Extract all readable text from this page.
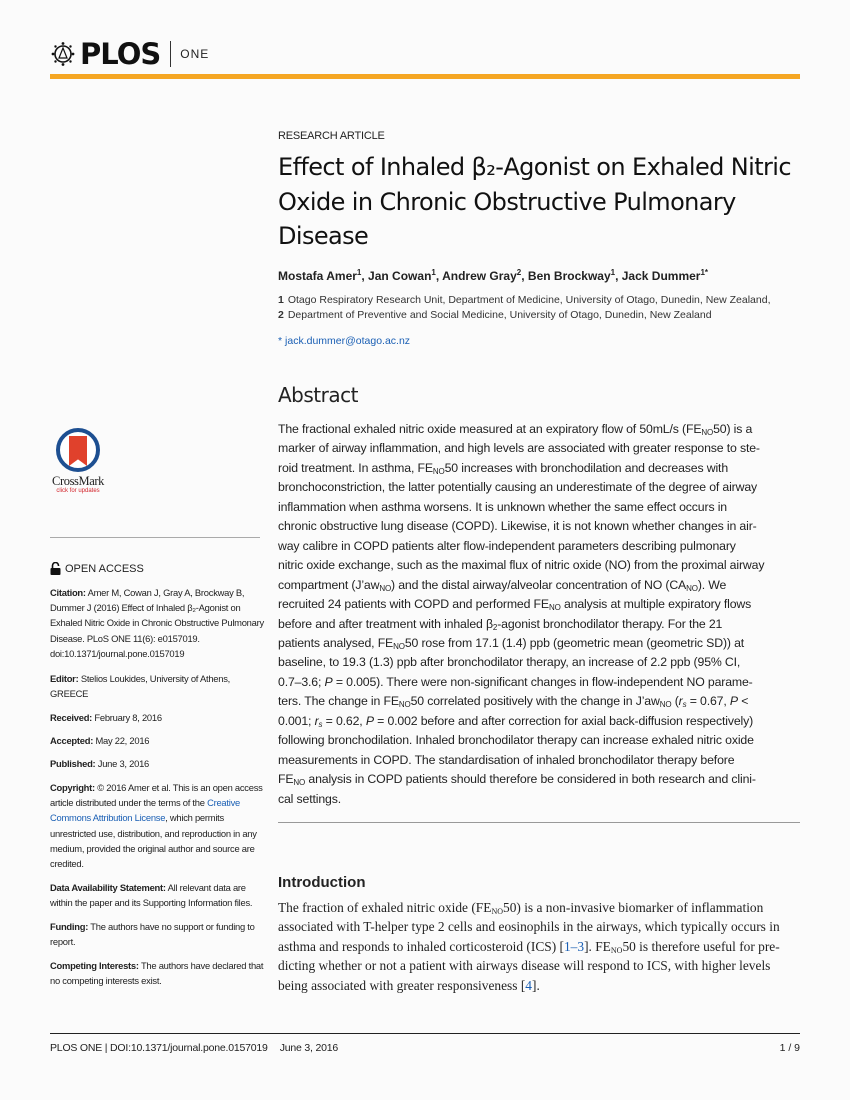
PLOS ONE
RESEARCH ARTICLE
Effect of Inhaled β₂-Agonist on Exhaled Nitric
Oxide in Chronic Obstructive Pulmonary
Disease
Mostafa Amer$^1$, Jan Cowan$^1$, Andrew Gray$^2$, Ben Brockway$^1$, Jack Dummer$^{1*}$
1 Otago Respiratory Research Unit, Department of Medicine, University of Otago, Dunedin, New Zealand,
2 Department of Preventive and Social Medicine, University of Otago, Dunedin, New Zealand
* jack.dummer@otago.ac.nz
Abstract
The fractional exhaled nitric oxide measured at an expiratory flow of 50mL/s $(FE_{NO}50)$ is a
marker of airway inflammation, and high levels are associated with greater response to ste-
roid treatment. In asthma, $FE_{NO}50$ increases with bronchodilation and decreases with
bronchoconstriction, the latter potentially causing an underestimate of the degree of airway
inflammation when asthma worsens. It is unknown whether the same effect occurs in
chronic obstructive lung disease (COPD). Likewise, it is not known whether changes in air-
way calibre in COPD patients alter flow-independent parameters describing pulmonary
nitric oxide exchange, such as the maximal flux of nitric oxide (NO) from the proximal airway
compartment $(J’aw_{NO})$ and the distal airway/alveolar concentration of NO $(CA_{NO})$. We
recruited 24 patients with COPD and performed $FE_{NO}$ analysis at multiple expiratory flows
before and after treatment with inhaled $\beta_2$-agonist bronchodilator therapy. For the 21
patients analysed, $FE_{NO}50$ rose from 17.1 (1.4) ppb (geometric mean (geometric SD)) at
baseline, to 19.3 (1.3) ppb after bronchodilator therapy, an increase of 2.2 ppb (95% CI,
0.7–3.6; P = 0.005). There were non-significant changes in flow-independent NO parame-
ters. The change in $FE_{NO}50$ correlated positively with the change in $J’aw_{NO}$ ($r_s = 0.67$, P <
0.001; $r_s = 0.62$, P = 0.002 before and after correction for axial back-diffusion respectively)
following bronchodilation. Inhaled bronchodilator therapy can increase exhaled nitric oxide
measurements in COPD. The standardisation of inhaled bronchodilator therapy before
$FE_{NO}$ analysis in COPD patients should therefore be considered in both research and clini-
cal settings.
Introduction
The fraction of exhaled nitric oxide $(FE_{NO}50)$ is a non-invasive biomarker of inflammation
associated with T-helper type 2 cells and eosinophils in the airways, which typically occurs in
asthma and responds to inhaled corticosteroid (ICS) [1–3]. $FE_{NO}50$ is therefore useful for pre-
dicting whether or not a patient with airways disease will respond to ICS, with higher levels
being associated with greater responsiveness [4].
CrossMark
click for updates
OPEN ACCESS
Citation: Amer M, Cowan J, Gray A, Brockway B, Dummer J (2016) Effect of Inhaled β₂-Agonist on Exhaled Nitric Oxide in Chronic Obstructive Pulmonary Disease. PLoS ONE 11(6): e0157019. doi:10.1371/journal.pone.0157019
Editor: Stelios Loukides, University of Athens, GREECE
Received: February 8, 2016
Accepted: May 22, 2016
Published: June 3, 2016
Copyright: © 2016 Amer et al. This is an open access article distributed under the terms of the Creative Commons Attribution License, which permits unrestricted use, distribution, and reproduction in any medium, provided the original author and source are credited.
Data Availability Statement: All relevant data are within the paper and its Supporting Information files.
Funding: The authors have no support or funding to report.
Competing Interests: The authors have declared that no competing interests exist.
PLOS ONE | DOI:10.1371/journal.pone.0157019 June 3, 2016	1 / 9
